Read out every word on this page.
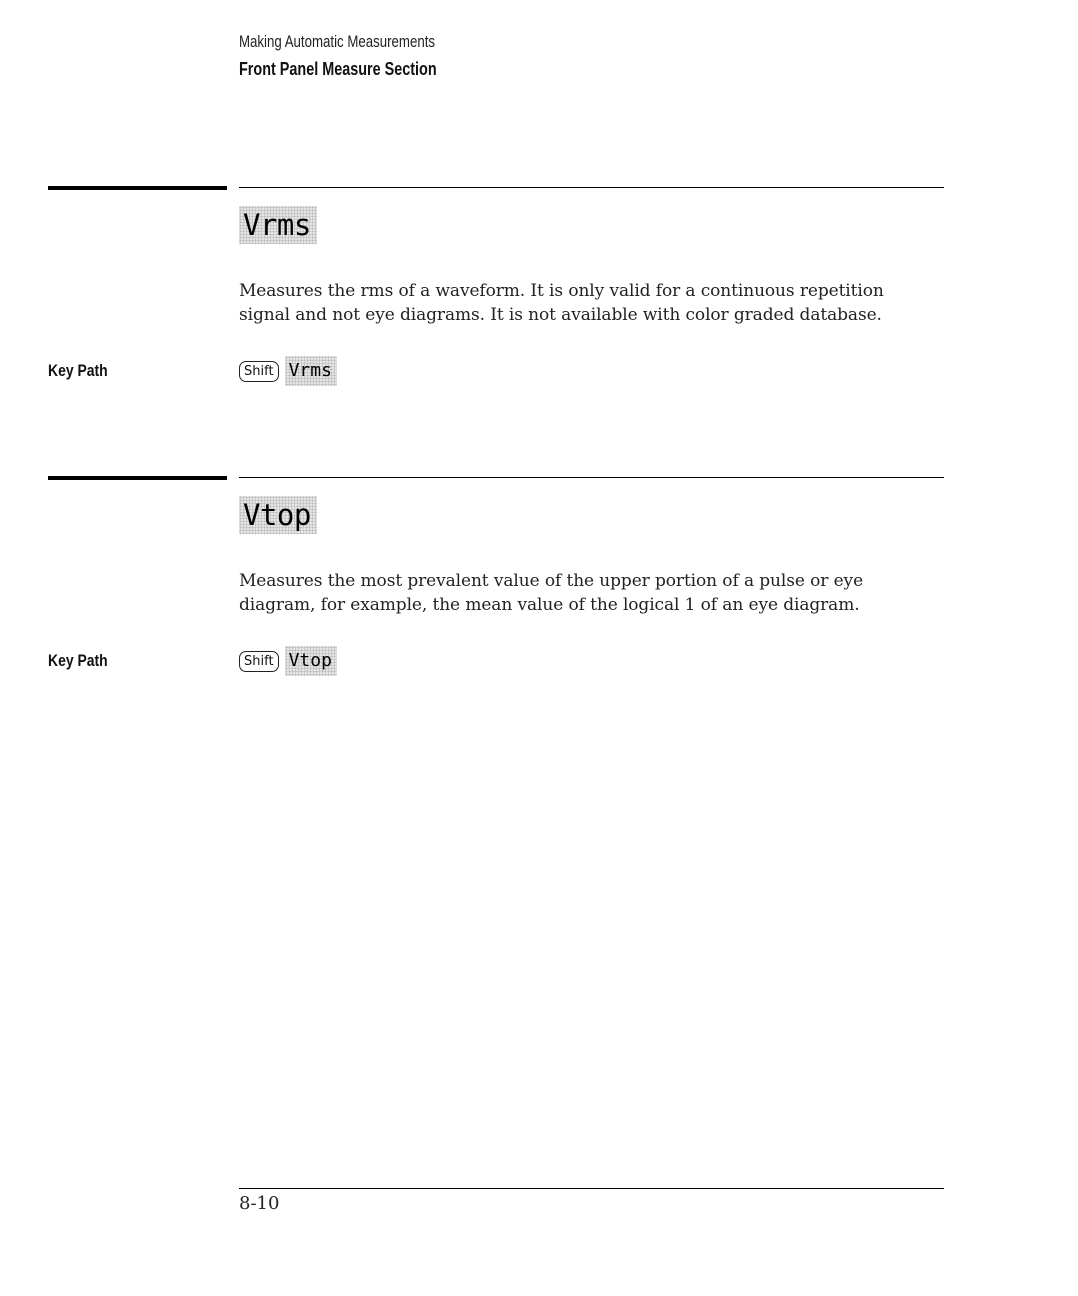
Making Automatic Measurements
Front Panel Measure Section
Vrms
Measures the rms of a waveform. It is only valid for a continuous repetition
signal and not eye diagrams. It is not available with color graded database.
Key Path	Shift Vrms
Vtop
Measures the most prevalent value of the upper portion of a pulse or eye
diagram, for example, the mean value of the logical 1 of an eye diagram.
Key Path	Shift Vtop
8-10
